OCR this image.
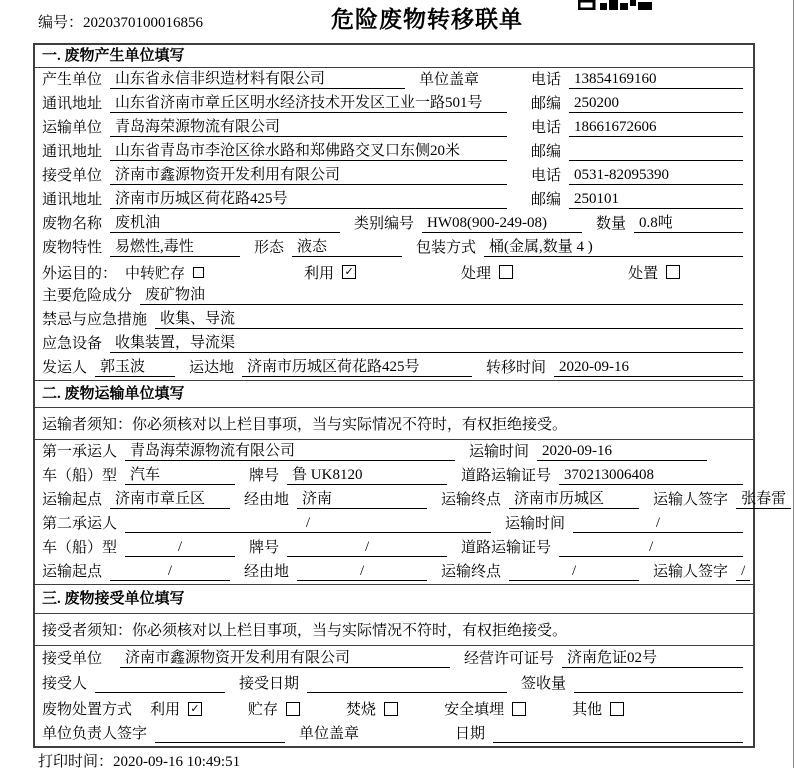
编号：2020370100016856	危险废物转移联单
一. 废物产生单位填写
产生单位 山东省永信非织造材料有限公司	单位盖章	电话 13854169160
通讯地址 山东省济南市章丘区明水经济技术开发区工业一路501号	邮编 250200
运输单位 青岛海荣源物流有限公司	电话 18661672606
通讯地址 山东省青岛市李沧区徐水路和郑佛路交叉口东侧20米	邮编
接受单位 济南市鑫源物资开发利用有限公司	电话 0531-82095390
通讯地址 济南市历城区荷花路425号	邮编 250101
废物名称 废机油	类别编号 HW08(900-249-08)	数量 0.8吨
废物特性 易燃性,毒性	形态 液态	包装方式 桶(金属,数量 4 )
外运目的： 中转贮存	利用 ✓	处理	处置
主要危险成分 废矿物油
禁忌与应急措施 收集、导流
应急设备 收集装置，导流渠
发运人 郭玉波	运达地 济南市历城区荷花路425号	转移时间 2020-09-16
二. 废物运输单位填写
运输者须知：你必须核对以上栏目事项，当与实际情况不符时，有权拒绝接受。
第一承运人 青岛海荣源物流有限公司	运输时间 2020-09-16
车（船）型 汽车	牌号 鲁 UK8120	道路运输证号 370213006408
运输起点 济南市章丘区	经由地 济南	运输终点 济南市历城区	运输人签字 张春雷
第二承运人	/	运输时间	/
车（船）型	/	牌号	/	道路运输证号	/
运输起点	/	经由地	/	运输终点	/	运输人签字 /
三. 废物接受单位填写
接受者须知：你必须核对以上栏目事项，当与实际情况不符时，有权拒绝接受。
接受单位	济南市鑫源物资开发利用有限公司	经营许可证号 济南危证02号
接受人	接受日期	签收量
废物处置方式 利用 ✓	贮存	焚烧	安全填埋	其他
单位负责人签字	单位盖章	日期
打印时间：2020-09-16 10:49:51
